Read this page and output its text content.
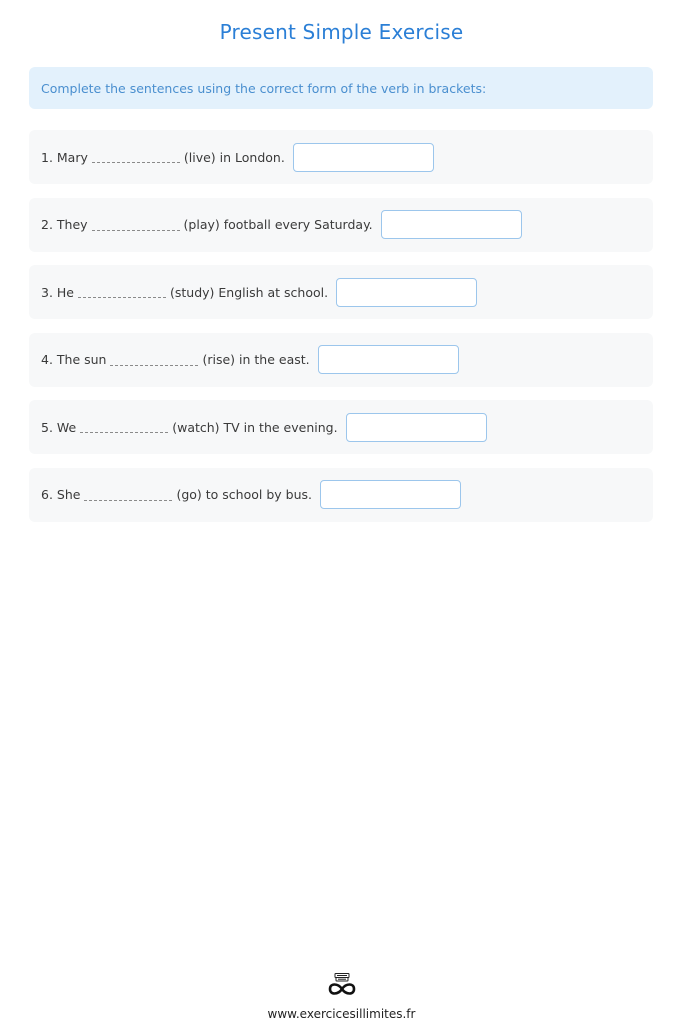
Present Simple Exercise
Complete the sentences using the correct form of the verb in brackets:
1. Mary	(live) in London.
2. They	(play) football every Saturday.
3. He	(study) English at school.
4. The sun	(rise) in the east.
5. We	(watch) TV in the evening.
6. She	(go) to school by bus.
www.exercicesillimites.fr
